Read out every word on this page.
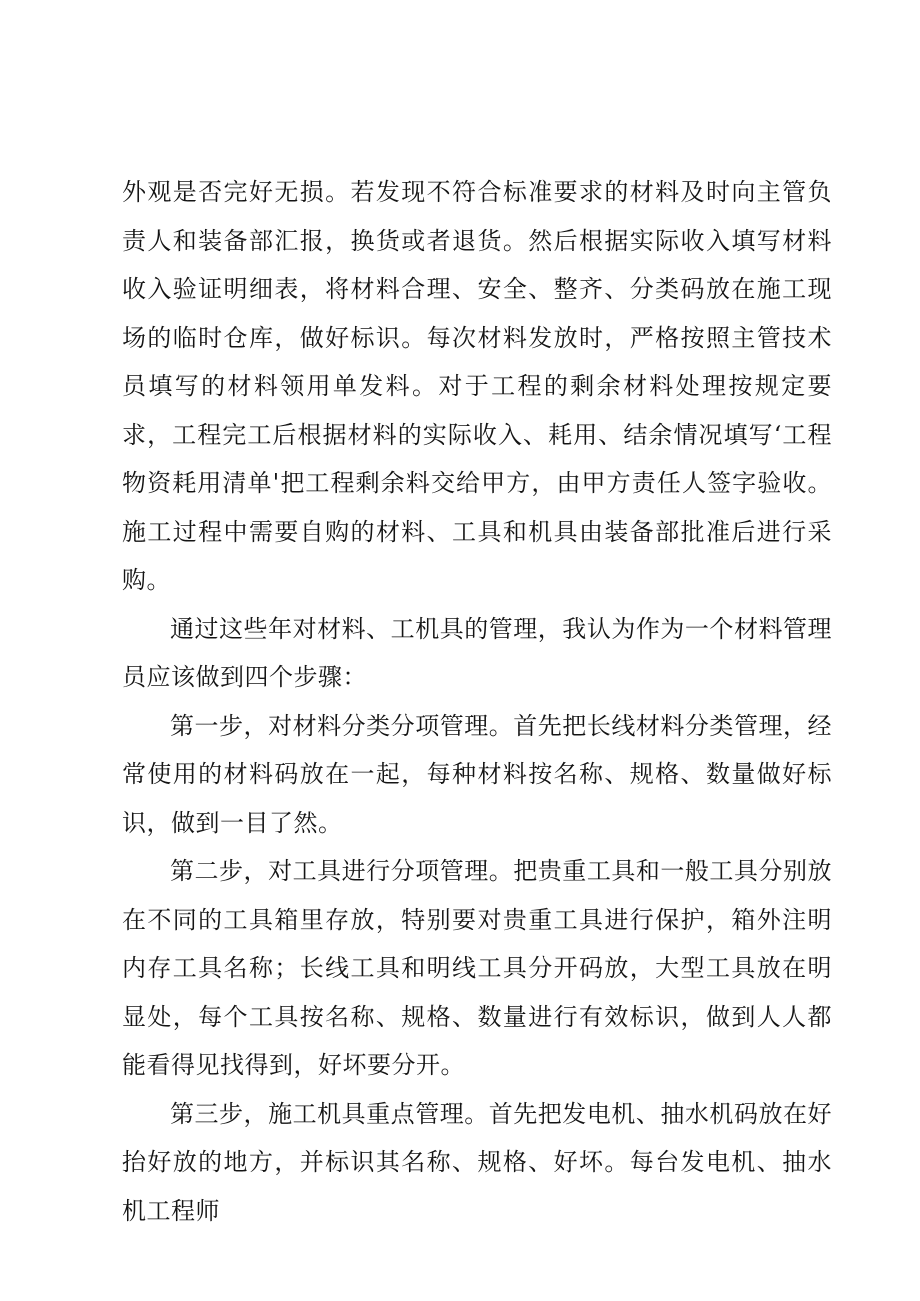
外观是否完好无损。若发现不符合标准要求的材料及时向主管负责人和装备部汇报，换货或者退货。然后根据实际收入填写材料收入验证明细表，将材料合理、安全、整齐、分类码放在施工现场的临时仓库，做好标识。每次材料发放时，严格按照主管技术员填写的材料领用单发料。对于工程的剩余材料处理按规定要求，工程完工后根据材料的实际收入、耗用、结余情况填写‘工程物资耗用清单'把工程剩余料交给甲方，由甲方责任人签字验收。施工过程中需要自购的材料、工具和机具由装备部批准后进行采购。

通过这些年对材料、工机具的管理，我认为作为一个材料管理员应该做到四个步骤：

第一步，对材料分类分项管理。首先把长线材料分类管理，经常使用的材料码放在一起，每种材料按名称、规格、数量做好标识，做到一目了然。

第二步，对工具进行分项管理。把贵重工具和一般工具分别放在不同的工具箱里存放，特别要对贵重工具进行保护，箱外注明内存工具名称；长线工具和明线工具分开码放，大型工具放在明显处，每个工具按名称、规格、数量进行有效标识，做到人人都能看得见找得到，好坏要分开。

第三步，施工机具重点管理。首先把发电机、抽水机码放在好抬好放的地方，并标识其名称、规格、好坏。每台发电机、抽水机工程师
